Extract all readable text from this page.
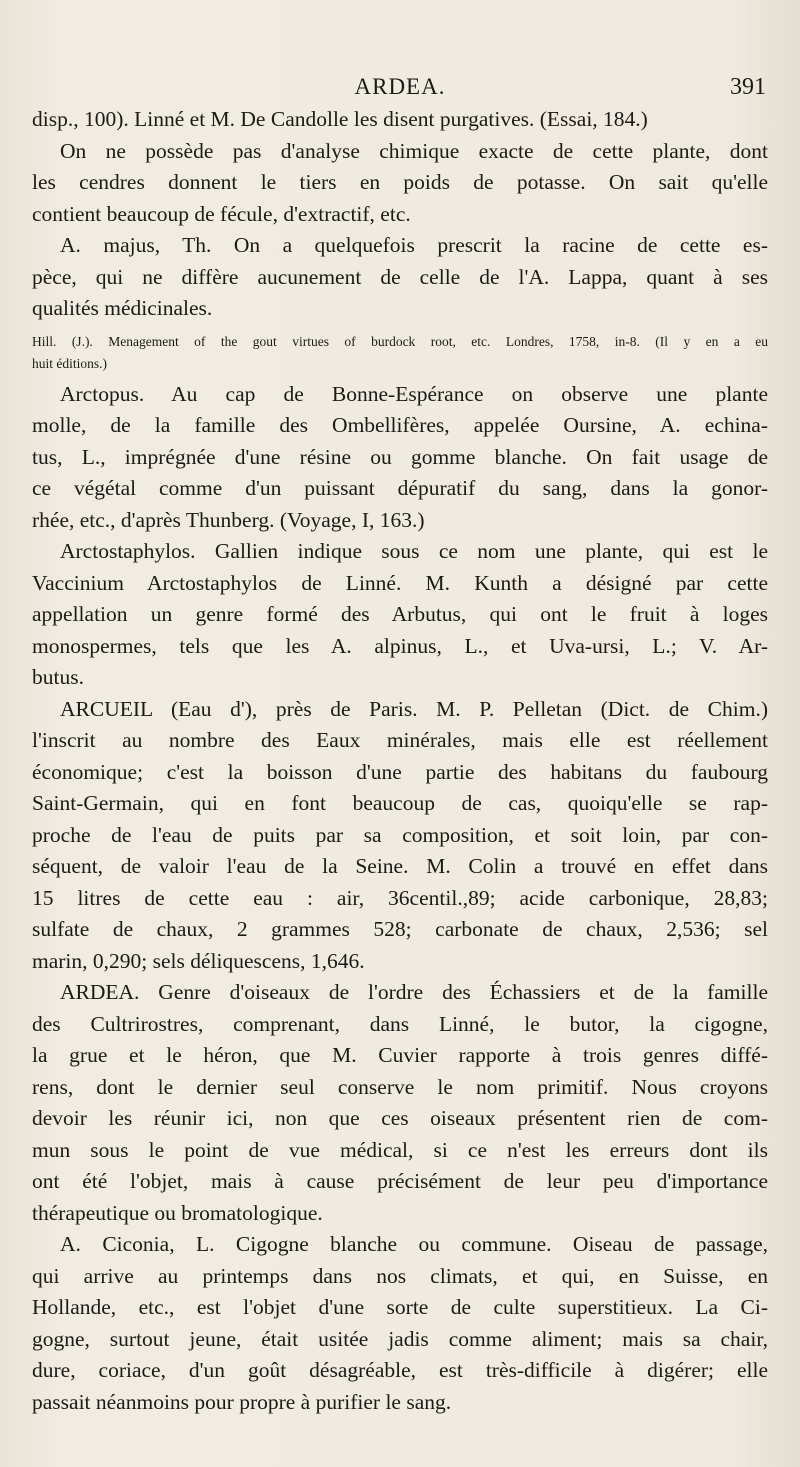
ARDEA.	391

disp., 100). Linné et M. De Candolle les disent purgatives. (Essai, 184.)

On ne possède pas d'analyse chimique exacte de cette plante, dont
les cendres donnent le tiers en poids de potasse. On sait qu'elle
contient beaucoup de fécule, d'extractif, etc.

A. majus, Th. On a quelquefois prescrit la racine de cette es-
pèce, qui ne diffère aucunement de celle de l'A. Lappa, quant à ses
qualités médicinales.

Hill. (J.). Menagement of the gout virtues of burdock root, etc. Londres, 1758, in-8. (Il y en a eu
huit éditions.)

Arctopus. Au cap de Bonne-Espérance on observe une plante
molle, de la famille des Ombellifères, appelée Oursine, A. echina-
tus, L., imprégnée d'une résine ou gomme blanche. On fait usage de
ce végétal comme d'un puissant dépuratif du sang, dans la gonor-
rhée, etc., d'après Thunberg. (Voyage, I, 163.)

Arctostaphylos. Gallien indique sous ce nom une plante, qui est le
Vaccinium Arctostaphylos de Linné. M. Kunth a désigné par cette
appellation un genre formé des Arbutus, qui ont le fruit à loges
monospermes, tels que les A. alpinus, L., et Uva-ursi, L.; V. Ar-
butus.

ARCUEIL (Eau d'), près de Paris. M. P. Pelletan (Dict. de Chim.)
l'inscrit au nombre des Eaux minérales, mais elle est réellement
économique; c'est la boisson d'une partie des habitans du faubourg
Saint-Germain, qui en font beaucoup de cas, quoiqu'elle se rap-
proche de l'eau de puits par sa composition, et soit loin, par con-
séquent, de valoir l'eau de la Seine. M. Colin a trouvé en effet dans
15 litres de cette eau : air, 36centil.,89; acide carbonique, 28,83;
sulfate de chaux, 2 grammes 528; carbonate de chaux, 2,536; sel
marin, 0,290; sels déliquescens, 1,646.

ARDEA. Genre d'oiseaux de l'ordre des Échassiers et de la famille
des Cultrirostres, comprenant, dans Linné, le butor, la cigogne,
la grue et le héron, que M. Cuvier rapporte à trois genres diffé-
rens, dont le dernier seul conserve le nom primitif. Nous croyons
devoir les réunir ici, non que ces oiseaux présentent rien de com-
mun sous le point de vue médical, si ce n'est les erreurs dont ils
ont été l'objet, mais à cause précisément de leur peu d'importance
thérapeutique ou bromatologique.

A. Ciconia, L. Cigogne blanche ou commune. Oiseau de passage,
qui arrive au printemps dans nos climats, et qui, en Suisse, en
Hollande, etc., est l'objet d'une sorte de culte superstitieux. La Ci-
gogne, surtout jeune, était usitée jadis comme aliment; mais sa chair,
dure, coriace, d'un goût désagréable, est très-difficile à digérer; elle
passait néanmoins pour propre à purifier le sang.
